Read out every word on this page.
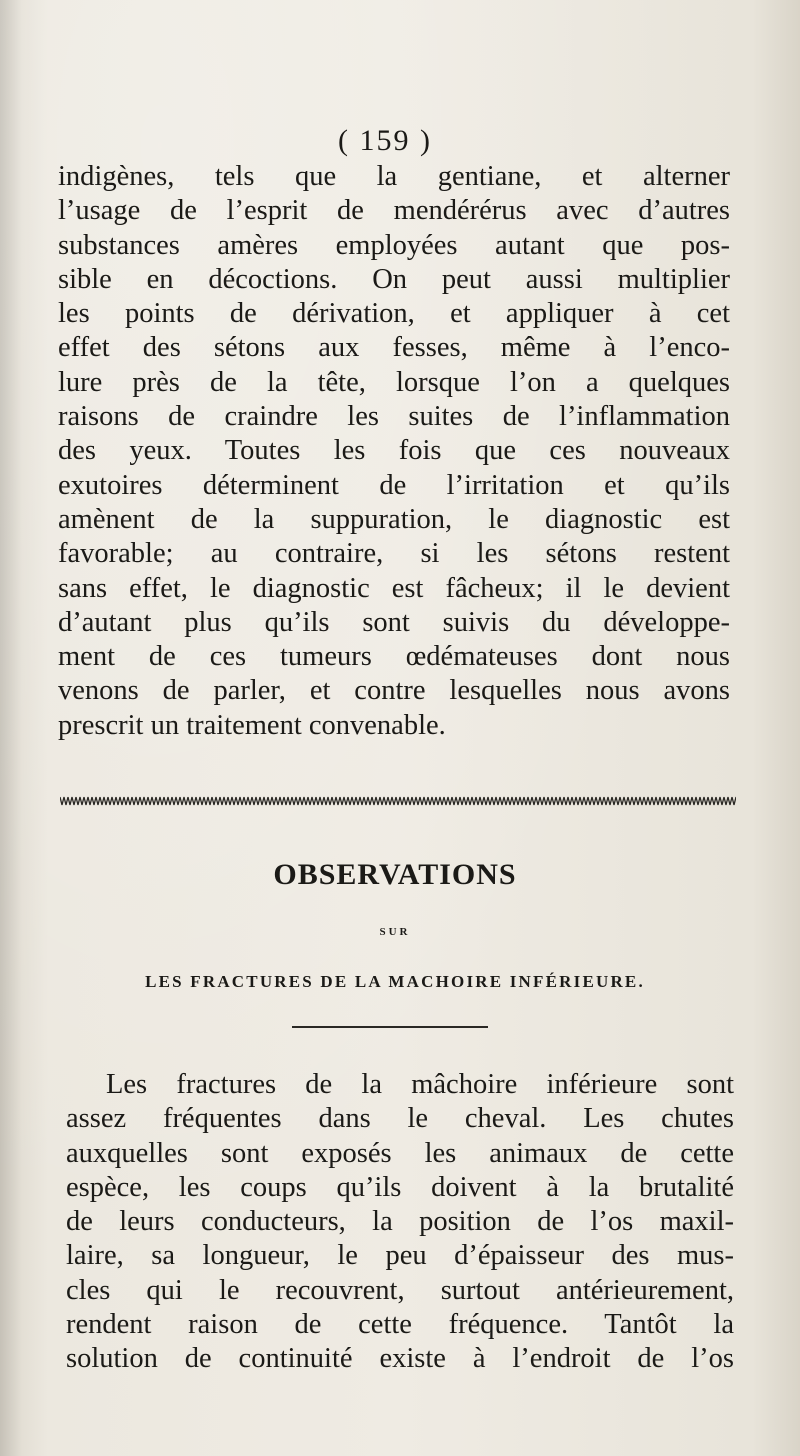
( 159 )
indigènes, tels que la gentiane, et alterner
l’usage de l’esprit de mendérérus avec d’autres
substances amères employées autant que pos-
sible en décoctions. On peut aussi multiplier
les points de dérivation, et appliquer à cet
effet des sétons aux fesses, même à l’enco-
lure près de la tête, lorsque l’on a quelques
raisons de craindre les suites de l’inflammation
des yeux. Toutes les fois que ces nouveaux
exutoires déterminent de l’irritation et qu’ils
amènent de la suppuration, le diagnostic est
favorable; au contraire, si les sétons restent
sans effet, le diagnostic est fâcheux; il le devient
d’autant plus qu’ils sont suivis du développe-
ment de ces tumeurs œdémateuses dont nous
venons de parler, et contre lesquelles nous avons
prescrit un traitement convenable.
OBSERVATIONS
SUR
LES FRACTURES DE LA MACHOIRE INFÉRIEURE.
Les fractures de la mâchoire inférieure sont
assez fréquentes dans le cheval. Les chutes
auxquelles sont exposés les animaux de cette
espèce, les coups qu’ils doivent à la brutalité
de leurs conducteurs, la position de l’os maxil-
laire, sa longueur, le peu d’épaisseur des mus-
cles qui le recouvrent, surtout antérieurement,
rendent raison de cette fréquence. Tantôt la
solution de continuité existe à l’endroit de l’os
